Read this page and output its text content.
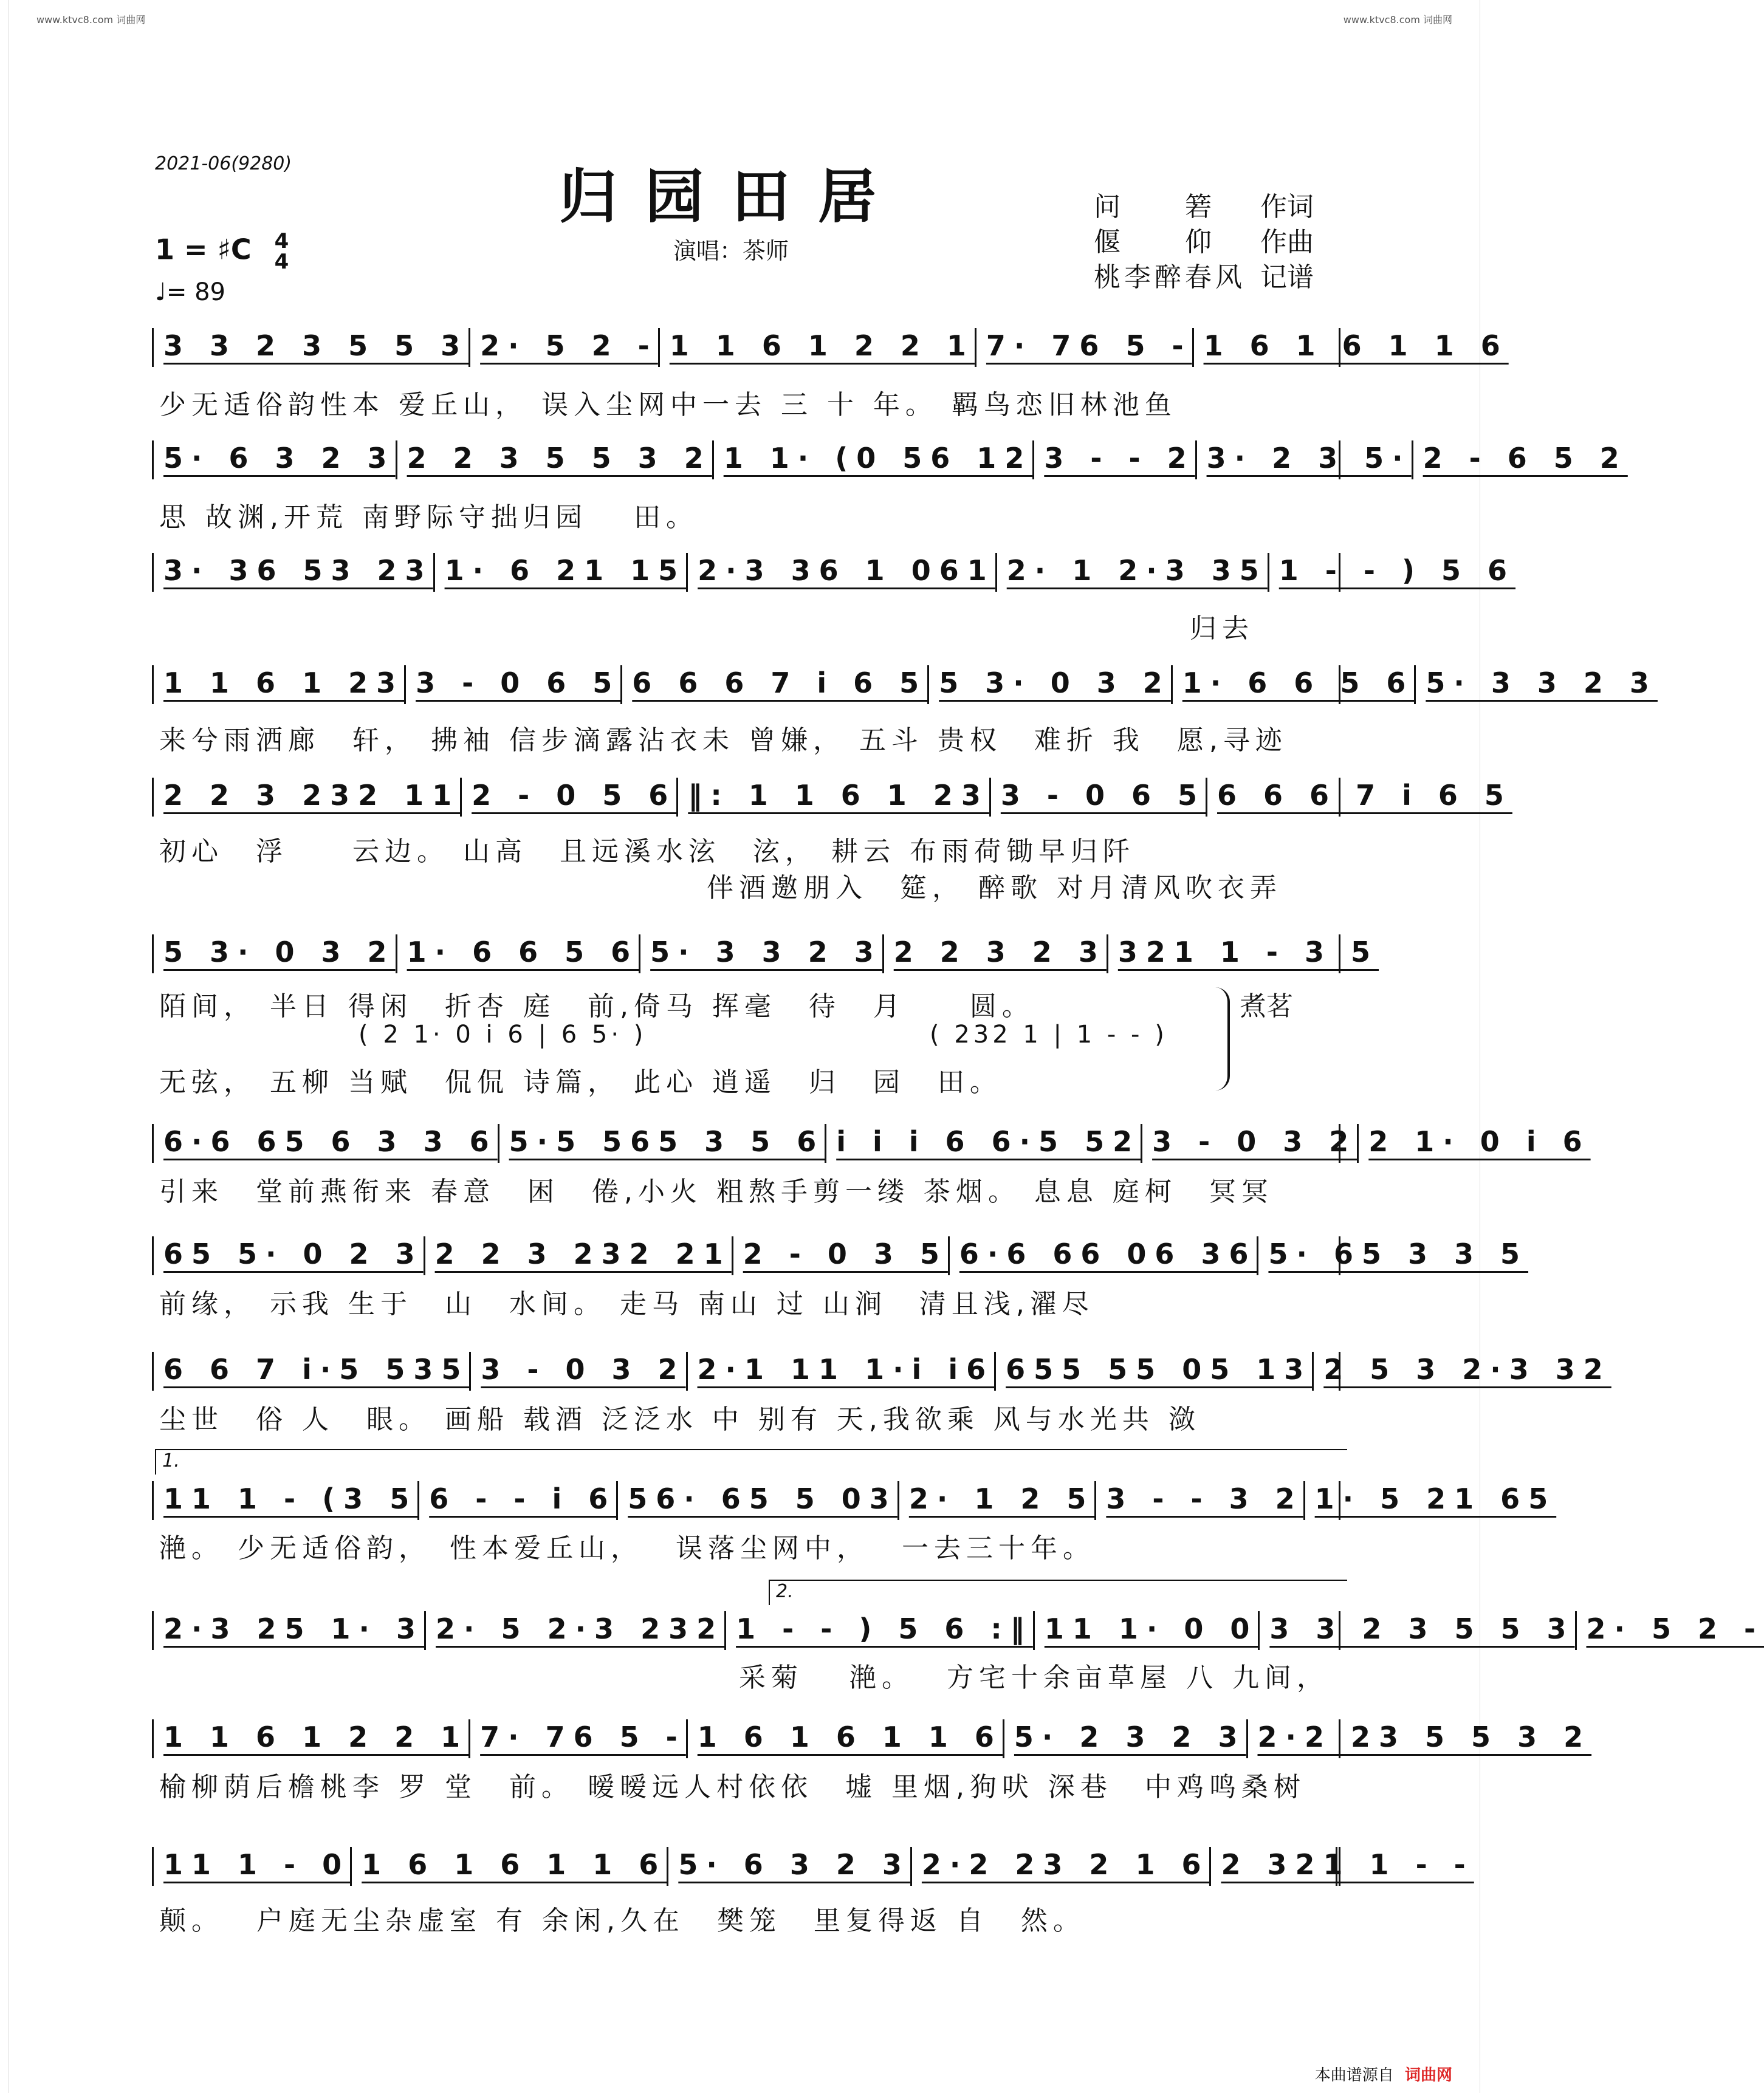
www.ktvc8.com 词曲网	www.ktvc8.com 词曲网
2021-06(9280)	归园田居
演唱：茶师
问　　箬	作词
偃　　仰	作曲
桃李醉春风 记谱
1 = ♯C 4
4
♩= 89
3 3 2 3 5 5 3 2· 5 2 - 1 1 6 1 2 2 1 7· 76 5 - 1 6 1 6 1 1 6
少无适俗韵性本 爱丘山， 误入尘网中一去 三 十 年。 羁鸟恋旧林池鱼
5· 6 3 2 3 2 2 3 5 5 3 2 1 1· (0 56 12 3 - - 2 3· 2 3 5· 2 - 6 5 2
思 故渊,开荒 南野际守拙归园　 田。
3· 36 53 23 1· 6 21 15 2·3 36 1 061 2· 1 2·3 35 1 - - ) 5 6
　　　　　　　　　　　　　　　　　　　　　　　　　　　　　　　　归去
1 1 6 1 23 3 - 0 6 5 6 6 6 7 i 6 5 5 3· 0 3 2 1· 6 6 5 6 5· 3 3 2 3
来兮雨洒廊　轩， 拂袖 信步滴露沾衣未 曾嫌， 五斗 贵权　难折 我　愿,寻迹
2 2 3 232 11 2 - 0 5 6 ‖: 1 1 6 1 23 3 - 0 6 5 6 6 6 7 i 6 5
初心　浮　　云边。 山高　且远溪水泫　泫， 耕云 布雨荷锄早归阡
　　　　　　　　　　　　　　　　　伴酒邀朋入　筵， 醉歌 对月清风吹衣弄
5 3· 0 3 2 1· 6 6 5 6 5· 3 3 2 3 2 2 3 2 3 321 1 - 3 5
陌间， 半日 得闲　折杏 庭　前,倚马 挥毫　待　月　　圆。
( 2 1· 0 i 6 | 6 5· )	( 232 1 | 1 - - )
无弦， 五柳 当赋　侃侃 诗篇， 此心 逍遥　归　园　田。
煮茗
6·6 65 6 3 3 6 5·5 565 3 5 6 i i i 6 6·5 52 3 - 0 3 2 2 1· 0 i 6
引来　堂前燕衔来 春意　困　倦,小火 粗熬手剪一缕 茶烟。 息息 庭柯　冥冥
65 5· 0 2 3 2 2 3 232 21 2 - 0 3 5 6·6 66 06 36 5· 65 3 3 5
前缘， 示我 生于　山　水间。 走马 南山 过 山涧　清且浅,濯尽
6 6 7 i·5 535 3 - 0 3 2 2·1 11 1·i i6 655 55 05 13 2 5 3 2·3 32
尘世　俗 人　眼。 画船 载酒 泛泛水 中 别有 天,我欲乘 风与水光共 潋
1.
11 1 - (3 5 6 - - i 6 56· 65 5 03 2· 1 2 5 3 - - 3 2 1· 5 21 65
滟。 少无适俗韵，　性本爱丘山，　 误落尘网中，　 一去三十年。
2.
2·3 25 1· 3 2· 5 2·3 232 1 - - ) 5 6 :‖ 11 1· 0 0 3 3 2 3 5 5 3 2· 5 2 -
　　　　　　　　　　　　　　　　　　采菊　 滟。　 方宅十余亩草屋 八 九间，
1 1 6 1 2 2 1 7· 76 5 - 1 6 1 6 1 1 6 5· 2 3 2 3 2·2 23 5 5 3 2
榆柳荫后檐桃李 罗 堂　前。 暧暧远人村依依　墟 里烟,狗吠 深巷　中鸡鸣桑树
11 1 - 0 1 6 1 6 1 1 6 5· 6 3 2 3 2·2 23 2 1 6 2 321 1 - -
颠。　 户庭无尘杂虚室 有 余闲,久在　樊笼　里复得返 自　然。
本曲谱源自 词曲网
